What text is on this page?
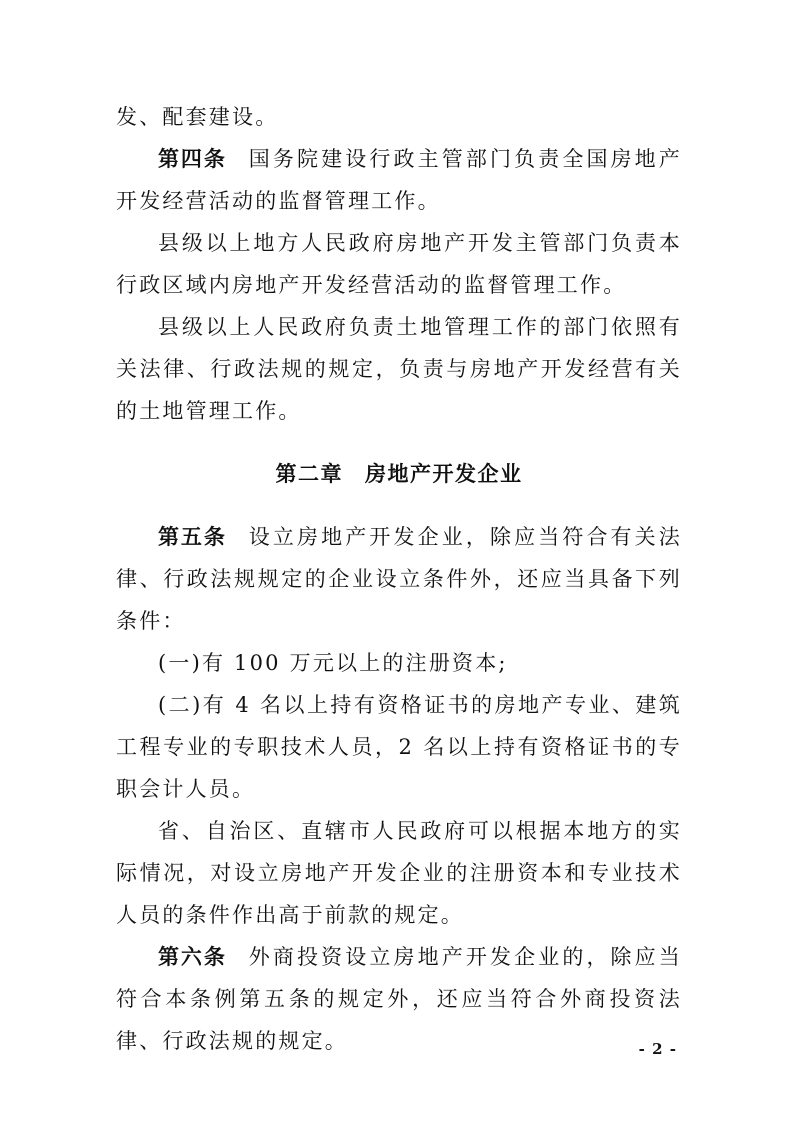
发、配套建设。

第四条 国务院建设行政主管部门负责全国房地产开发经营活动的监督管理工作。

县级以上地方人民政府房地产开发主管部门负责本行政区域内房地产开发经营活动的监督管理工作。

县级以上人民政府负责土地管理工作的部门依照有关法律、行政法规的规定，负责与房地产开发经营有关的土地管理工作。

第二章 房地产开发企业

第五条 设立房地产开发企业，除应当符合有关法律、行政法规规定的企业设立条件外，还应当具备下列条件：

(一)有 100 万元以上的注册资本;

(二)有 4 名以上持有资格证书的房地产专业、建筑工程专业的专职技术人员，2 名以上持有资格证书的专职会计人员。

省、自治区、直辖市人民政府可以根据本地方的实际情况，对设立房地产开发企业的注册资本和专业技术人员的条件作出高于前款的规定。

第六条 外商投资设立房地产开发企业的，除应当符合本条例第五条的规定外，还应当符合外商投资法律、行政法规的规定。	- 2 -
